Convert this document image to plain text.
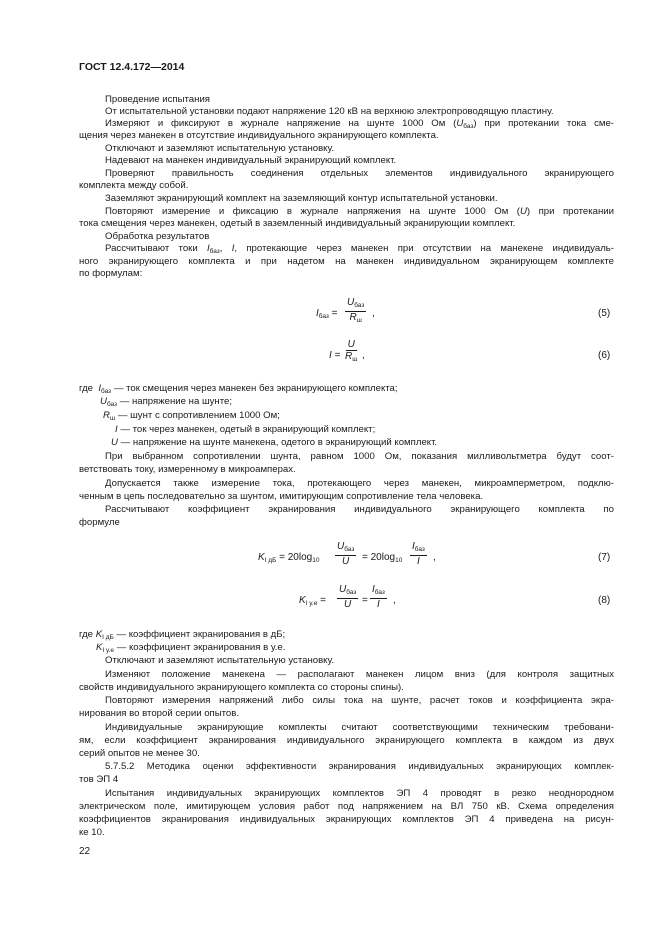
ГОСТ 12.4.172—2014
Проведение испытания
От испытательной установки подают напряжение 120 кВ на верхнюю электропроводящую пластину.
Измеряют и фиксируют в журнале напряжение на шунте 1000 Ом $(U_{баз})$ при протекании тока сме-
щения через манекен в отсутствие индивидуального экранирующего комплекта.
Отключают и заземляют испытательную установку.
Надевают на манекен индивидуальный экранирующий комплект.
Проверяют правильность соединения отдельных элементов индивидуального экранирующего
комплекта между собой.
Заземляют экранирующий комплект на заземляющий контур испытательной установки.
Повторяют измерение и фиксацию в журнале напряжения на шунте 1000 Ом (U) при протекании
тока смещения через манекен, одетый в заземленный индивидуальный экранирующии комплект.
Обработка результатов
Рассчитывают токи $I_{баз}$, I, протекающие через манекен при отсутствии на манекене индивидуаль-
ного экранирующего комплекта и при надетом на манекен индивидуальном экранирующем комплекте
по формулам:
$I_{баз}$ =
$U_{баз}$
$R_ш$
,	(5)
I =
U
$R_ш$ ,	(6)
где $I_{баз}$ — ток смещения через манекен без экранирующего комплекта;
$U_{баз}$ — напряжение на шунте;
$R_ш$ — шунт с сопротивлением 1000 Ом;
I — ток через манекен, одетый в экранирующий комплект;
U — напряжение на шунте манекена, одетого в экранирующий комплект.
При выбранном сопротивлении шунта, равном 1000 Ом, показания милливольтметра будут соот-
ветствовать току, измеренному в микроамперах.
Допускается также измерение тока, протекающего через манекен, микроамперметром, подклю-
ченным в цепь последовательно за шунтом, имитирующим сопротивление тела человека.
Рассчитывают коэффициент экранирования индивидуального экранирующего комплекта по
формуле
$K_{I дБ} = 20\log_{10}$
$U_{баз}$
$U = 20\log_{10}$
$I_{баз}$
I ,	(7)
$K_{I у.е}$ =
$U_{баз}$
U =
$I_{баз}$
I ,	(8)
где $K_{I дБ}$ — коэффициент экранирования в дБ;
$K_{I у.е}$ — коэффициент экранирования в у.е.
Отключают и заземляют испытательную установку.
Изменяют положение манекена — располагают манекен лицом вниз (для контроля защитных
свойств индивидуального экранирующего комплекта со стороны спины).
Повторяют измерения напряжений либо силы тока на шунте, расчет токов и коэффициента экра-
нирования во второй серии опытов.
Индивидуальные экранирующие комплекты считают соответствующими техническим требовани-
ям, если коэффициент экранирования индивидуального экранирующего комплекта в каждом из двух
серий опытов не менее 30.
5.7.5.2 Методика оценки эффективности экранирования индивидуальных экранирующих комплек-
тов ЭП 4
Испытания индивидуальных экранирующих комплектов ЭП 4 проводят в резко неоднородном
электрическом поле, имитирующем условия работ под напряжением на ВЛ 750 кВ. Схема определения
коэффициентов экранирования индивидуальных экранирующих комплектов ЭП 4 приведена на рисун-
ке 10.
22
